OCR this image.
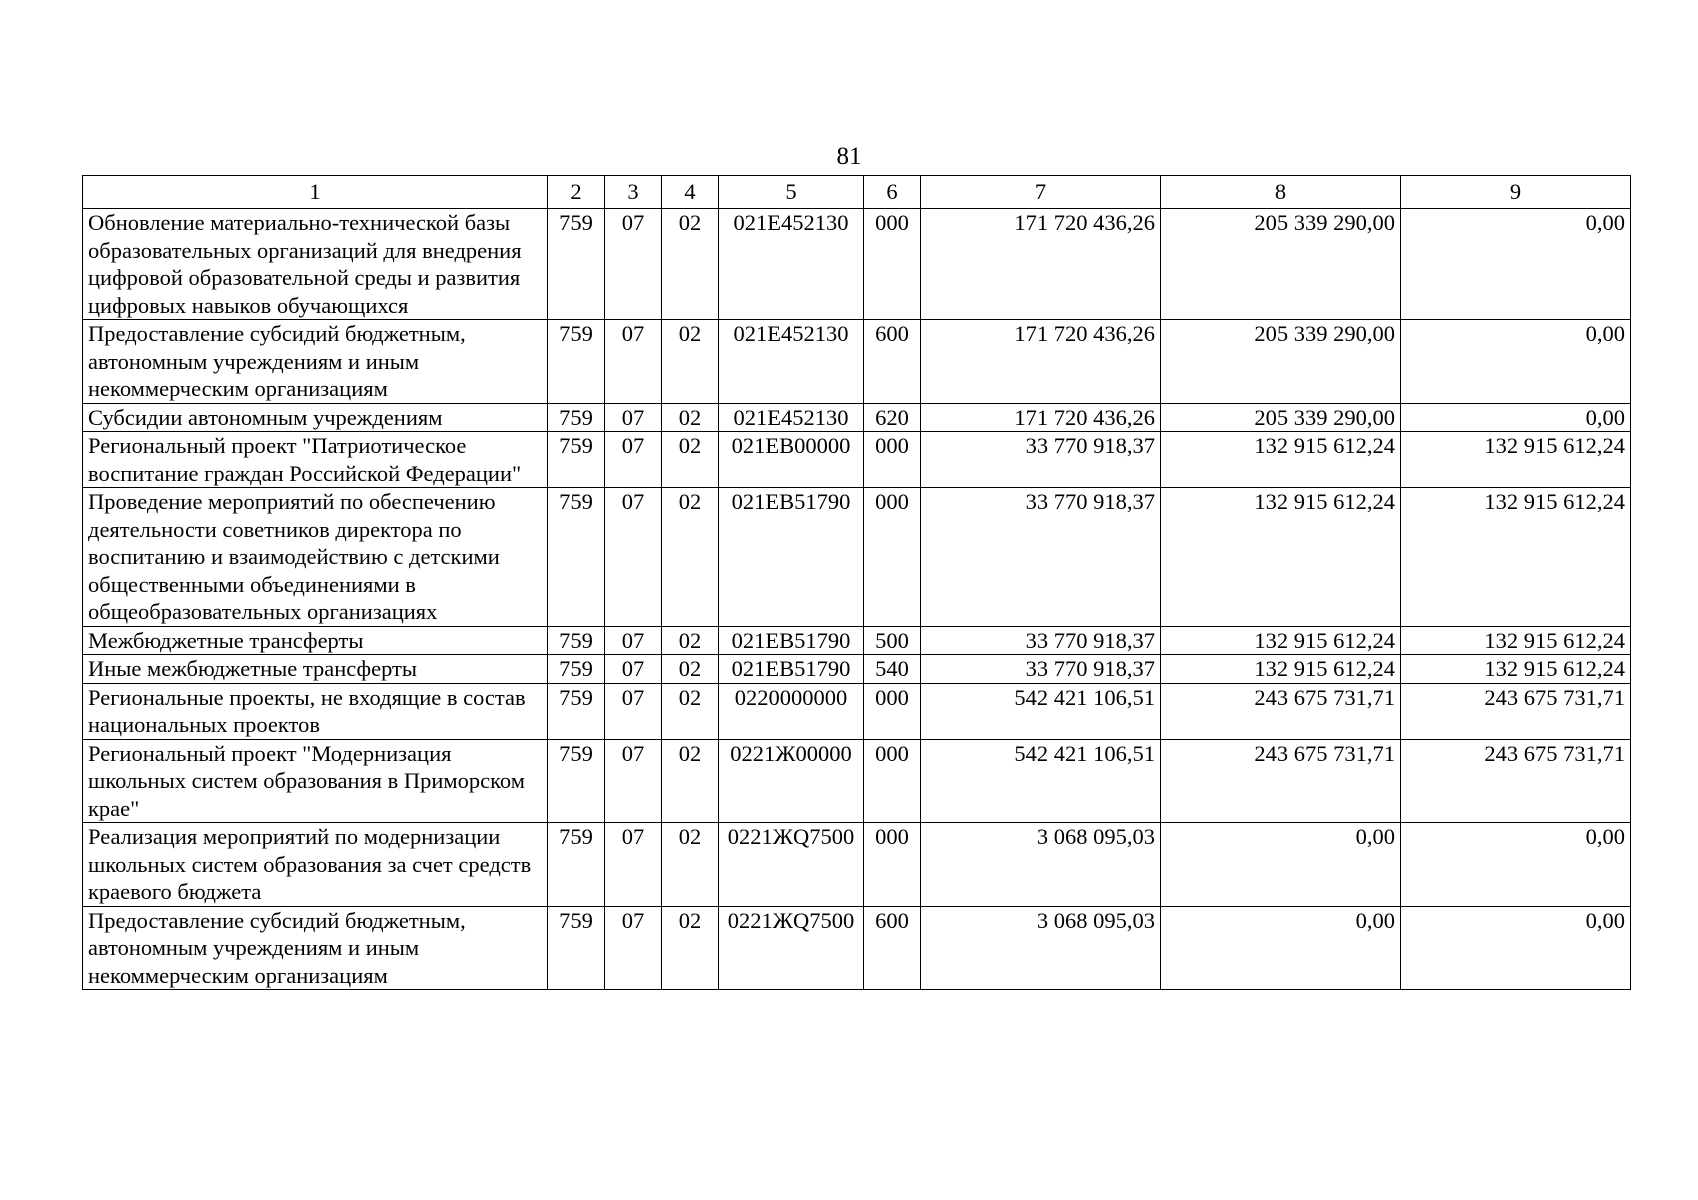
81
1	2	3	4	5	6	7	8	9
Обновление материально-технической базы образовательных организаций для внедрения цифровой образовательной среды и развития цифровых навыков обучающихся	759	07	02	021E452130	000	171 720 436,26	205 339 290,00	0,00
Предоставление субсидий бюджетным, автономным учреждениям и иным некоммерческим организациям	759	07	02	021E452130	600	171 720 436,26	205 339 290,00	0,00
Субсидии автономным учреждениям	759	07	02	021E452130	620	171 720 436,26	205 339 290,00	0,00
Региональный проект "Патриотическое воспитание граждан Российской Федерации"	759	07	02	021EB00000	000	33 770 918,37	132 915 612,24	132 915 612,24
Проведение мероприятий по обеспечению деятельности советников директора по воспитанию и взаимодействию с детскими общественными объединениями в общеобразовательных организациях	759	07	02	021EB51790	000	33 770 918,37	132 915 612,24	132 915 612,24
Межбюджетные трансферты	759	07	02	021EB51790	500	33 770 918,37	132 915 612,24	132 915 612,24
Иные межбюджетные трансферты	759	07	02	021EB51790	540	33 770 918,37	132 915 612,24	132 915 612,24
Региональные проекты, не входящие в состав национальных проектов	759	07	02	0220000000	000	542 421 106,51	243 675 731,71	243 675 731,71
Региональный проект "Модернизация школьных систем образования в Приморском крае"	759	07	02	0221Ж00000	000	542 421 106,51	243 675 731,71	243 675 731,71
Реализация мероприятий по модернизации школьных систем образования за счет средств краевого бюджета	759	07	02	0221ЖQ7500	000	3 068 095,03	0,00	0,00
Предоставление субсидий бюджетным, автономным учреждениям и иным некоммерческим организациям	759	07	02	0221ЖQ7500	600	3 068 095,03	0,00	0,00
